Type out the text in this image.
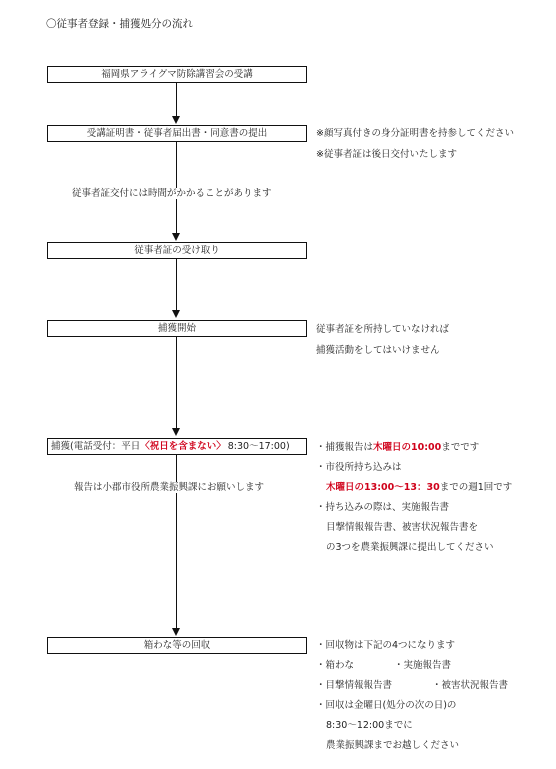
〇従事者登録・捕獲処分の流れ
福岡県アライグマ防除講習会の受講
受講証明書・従事者届出書・同意書の提出	※顔写真付きの身分証明書を持参してください
※従事者証は後日交付いたします
従事者証交付には時間がかかることがあります
従事者証の受け取り
捕獲開始	従事者証を所持していなければ
捕獲活動をしてはいけません
捕獲(電話受付：平日 〈祝日を含まない〉 8:30～17:00)	・捕獲報告は木曜日の10:00までです
・市役所持ち込みは
木曜日の13:00～13：30までの週1回です
・持ち込みの際は、実施報告書
目撃情報報告書、被害状況報告書を
の3つを農業振興課に提出してください
報告は小郡市役所農業振興課にお願いします
箱わな等の回収	・回収物は下記の4つになります
・箱わな	・実施報告書
・目撃情報報告書	・被害状況報告書
・回収は金曜日(処分の次の日)の
8:30～12:00までに
農業振興課までお越しください
